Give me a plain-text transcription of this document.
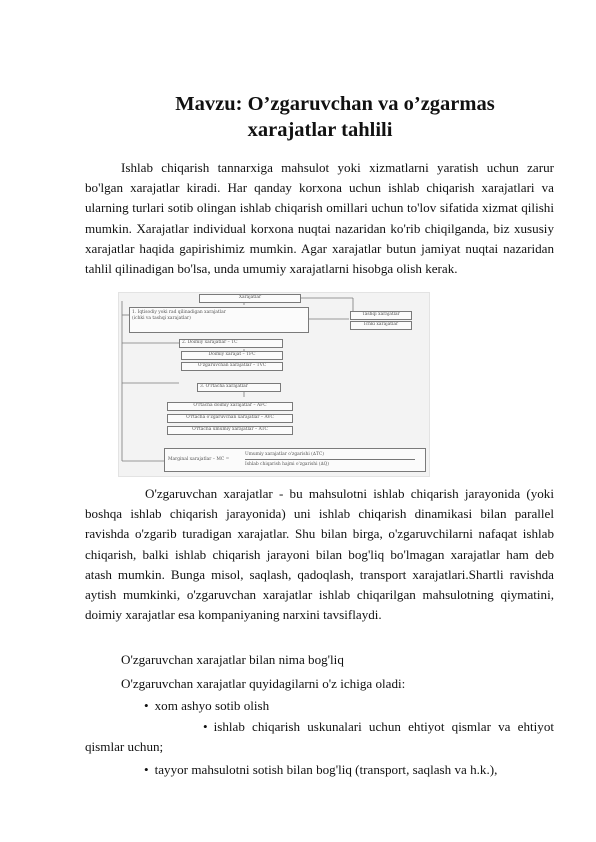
Mavzu: O’zgaruvchan va o’zgarmas
xarajatlar tahlili

Ishlab chiqarish tannarxiga mahsulot yoki xizmatlarni yaratish uchun zarur bo'lgan xarajatlar kiradi. Har qanday korxona uchun ishlab chiqarish xarajatlari va ularning turlari sotib olingan ishlab chiqarish omillari uchun to'lov sifatida xizmat qilishi mumkin. Xarajatlar individual korxona nuqtai nazaridan ko'rib chiqilganda, biz xususiy xarajatlar haqida gapirishimiz mumkin. Agar xarajatlar butun jamiyat nuqtai nazaridan tahlil qilinadigan bo'lsa, unda umumiy xarajatlarni hisobga olish kerak.

Xarajatlar
1. Iqtisodiy yoki rad qilinadigan xarajatlar
(ichki va tashqi xarajatlar)
Tashqi xarajatlar
Ichki xarajatlar
2. Doimiy xarajatlar – TC
Doimiy xarajat – TFC
O'zgaruvchan xarajatlar – TVC
3. O'rtacha xarajatlar
O'rtacha doimiy xarajatlar – AFC
O'rtacha o'zgaruvchan xarajatlar – AVC
O'rtacha umumiy xarajatlar – ATC
Marginal xarajatlar – MC =
Umumiy xarajatlar o'zgarishi (∆TC)
Ishlab chiqarish hajmi o'zgarishi (∆Q)

O'zgaruvchan xarajatlar - bu mahsulotni ishlab chiqarish jarayonida (yoki boshqa ishlab chiqarish jarayonida) uni ishlab chiqarish dinamikasi bilan parallel ravishda o'zgarib turadigan xarajatlar. Shu bilan birga, o'zgaruvchilarni nafaqat ishlab chiqarish, balki ishlab chiqarish jarayoni bilan bog'liq bo'lmagan xarajatlar ham deb atash mumkin. Bunga misol, saqlash, qadoqlash, transport xarajatlari.Shartli ravishda aytish mumkinki, o'zgaruvchan xarajatlar ishlab chiqarilgan mahsulotning qiymatini, doimiy xarajatlar esa kompaniyaning narxini tavsiflaydi.

O'zgaruvchan xarajatlar bilan nima bog'liq
O'zgaruvchan xarajatlar quyidagilarni o'z ichiga oladi:
• xom ashyo sotib olish

• ishlab chiqarish uskunalari uchun ehtiyot qismlar va ehtiyot qismlar uchun;

• tayyor mahsulotni sotish bilan bog'liq (transport, saqlash va h.k.),
